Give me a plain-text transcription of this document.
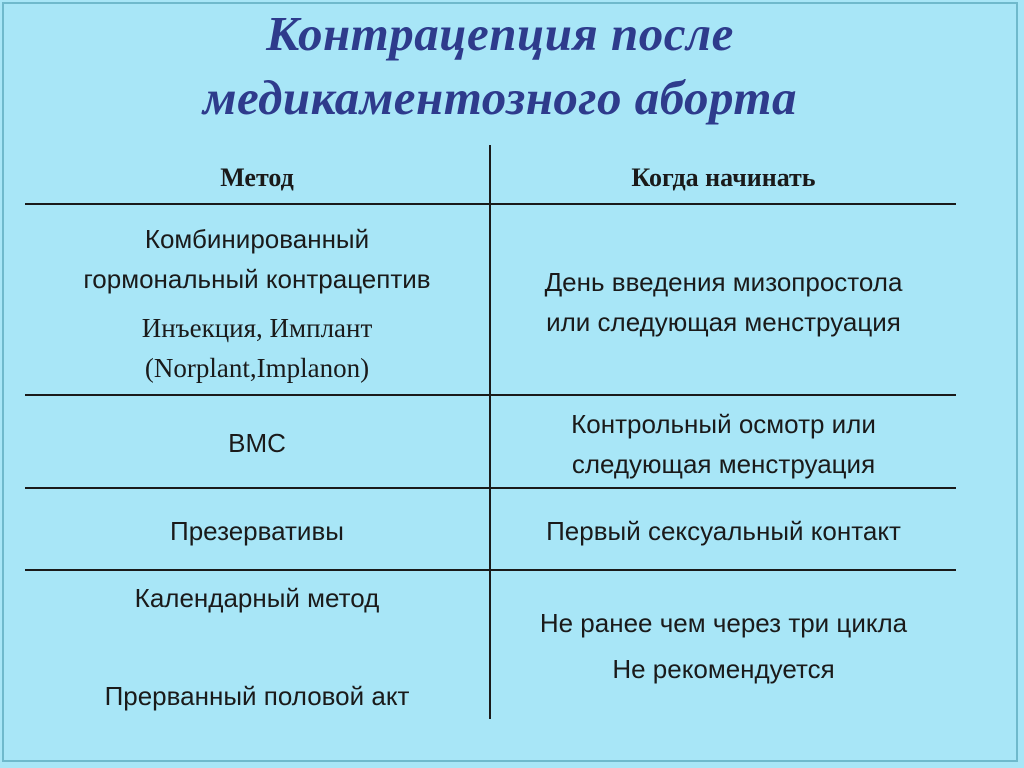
Контрацепция после
медикаментозного аборта
Метод	Когда начинать
Комбинированный
гормональный контрацептив
Инъекция, Имплант
(Norplant,Implanon)
День введения мизопростола
или следующая менструация
ВМС
Контрольный осмотр или
следующая менструация
Презервативы	Первый сексуальный контакт
Календарный метод
Прерванный половой акт
Не ранее чем через три цикла
Не рекомендуется
